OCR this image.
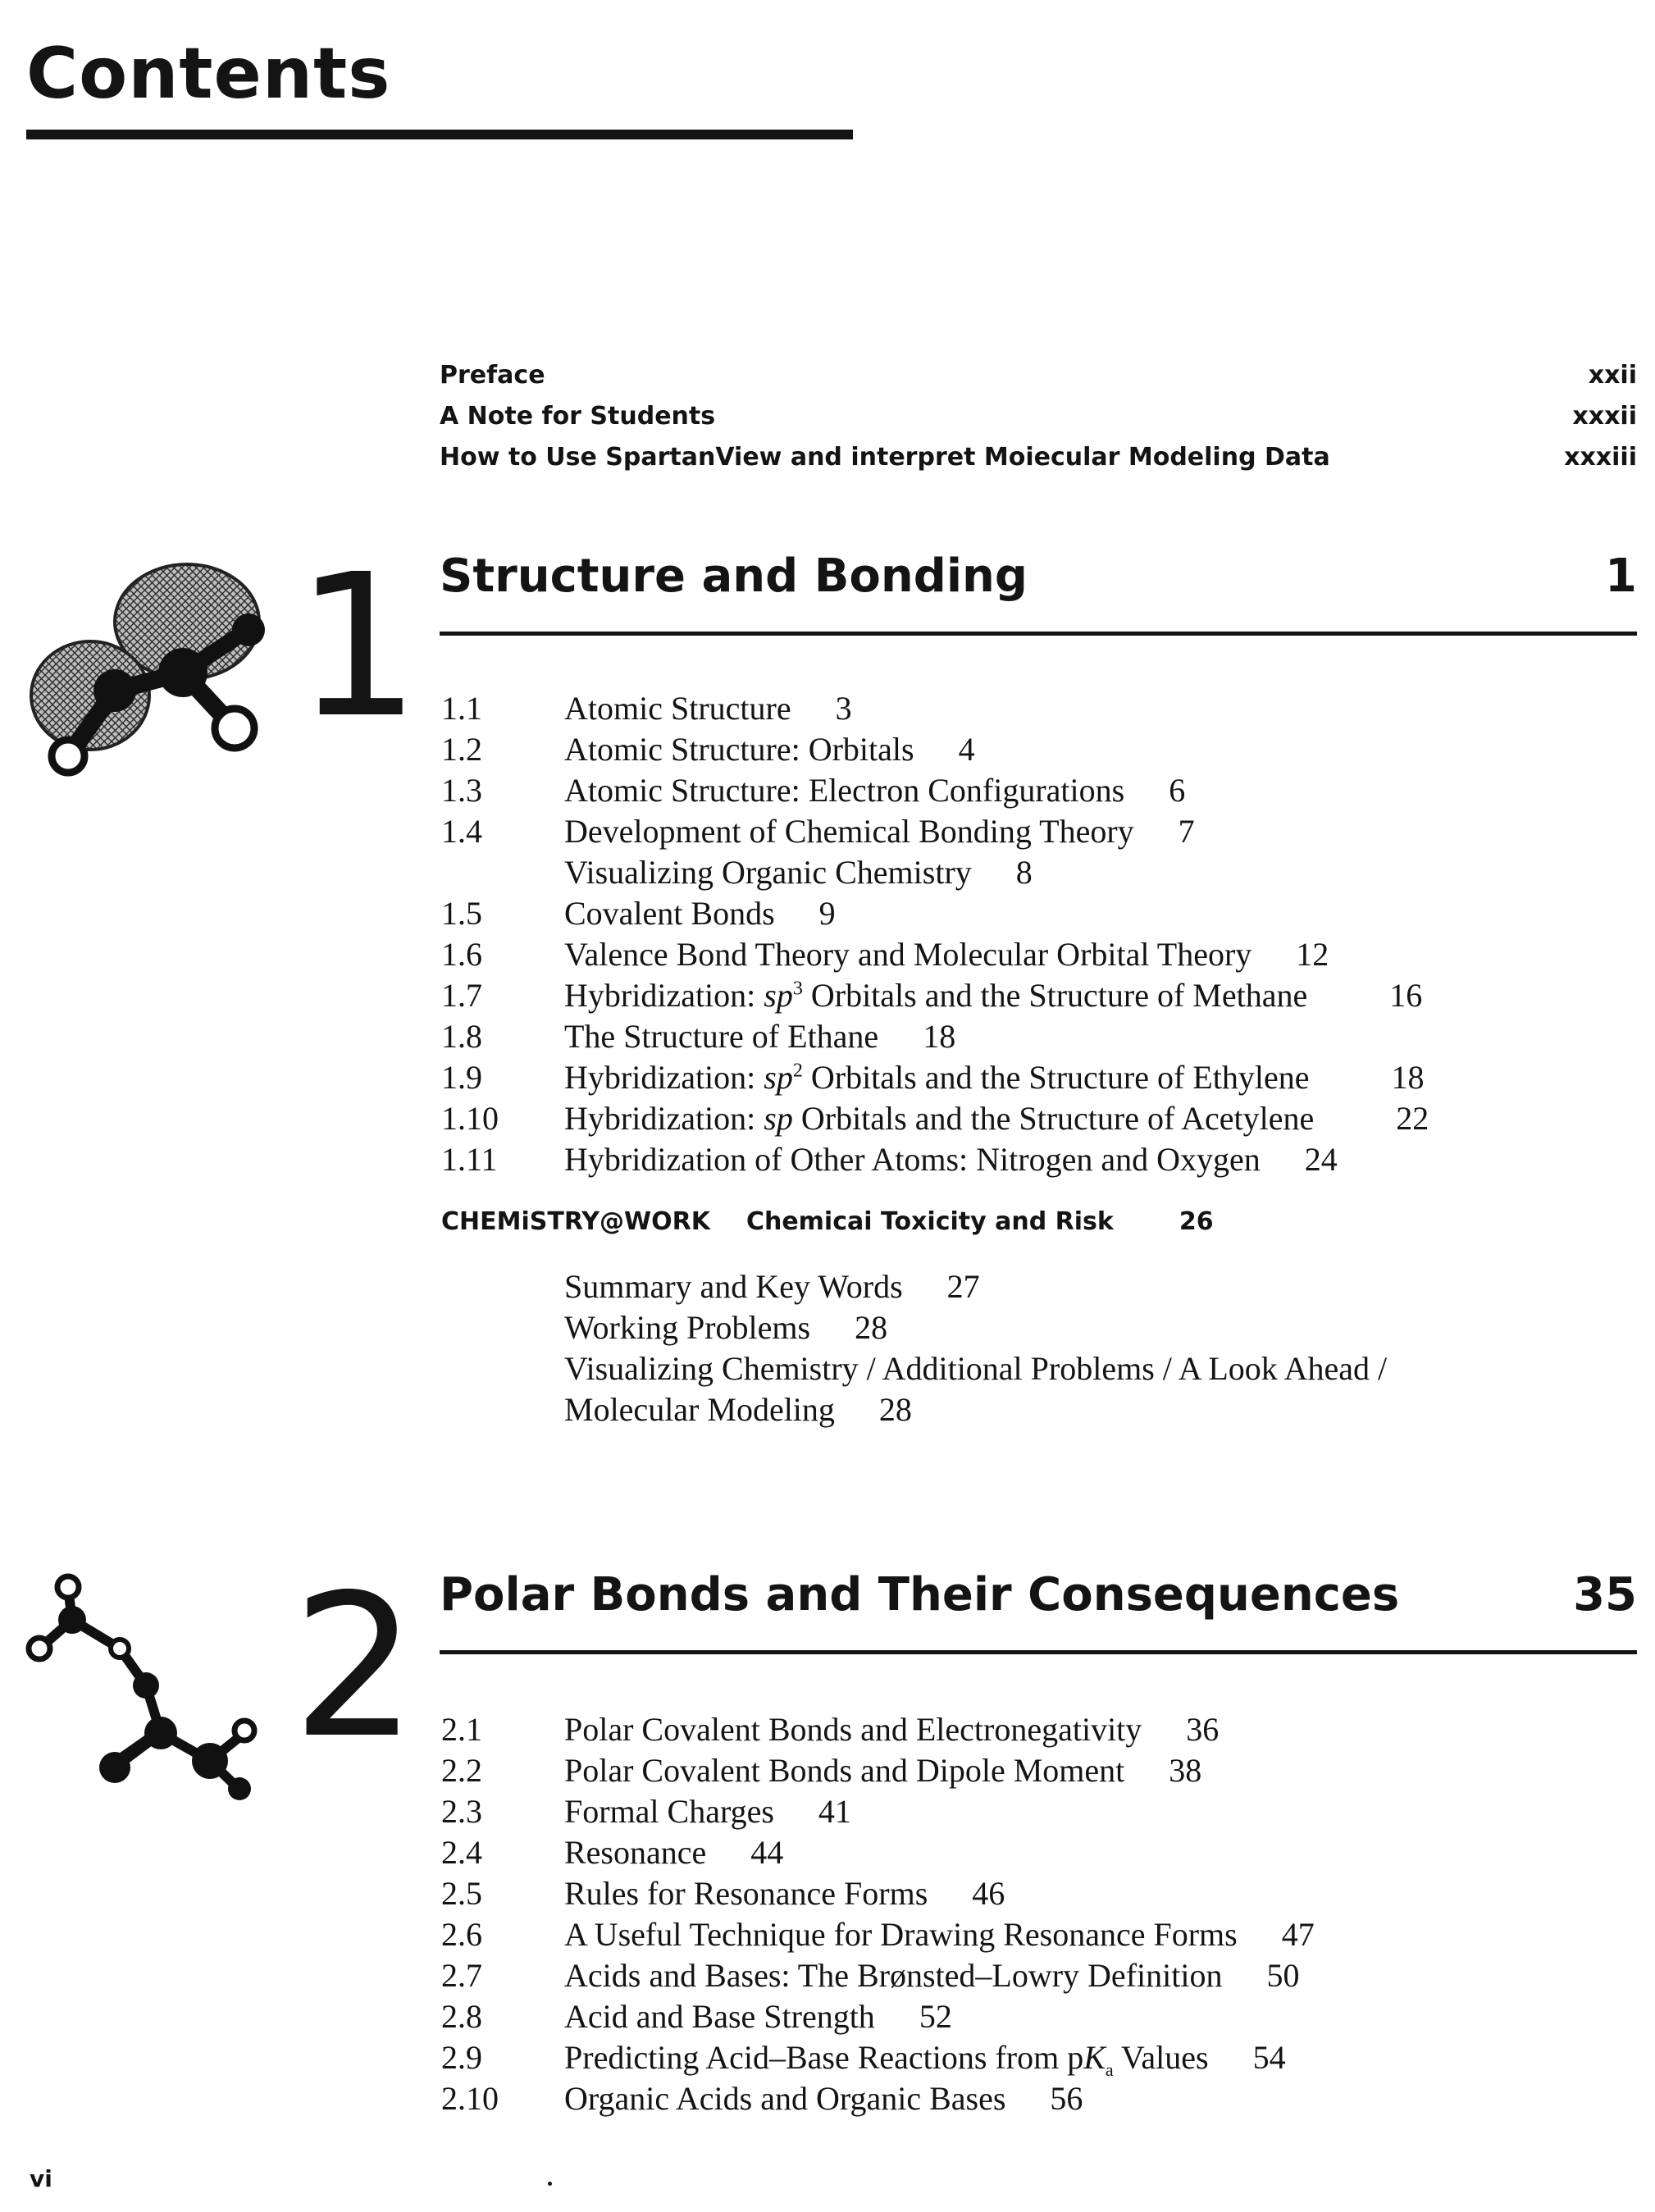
Contents
Preface	xxii
A Note for Students	xxxii
How to Use SpartanView and interpret Moiecular Modeling Data	xxxiii
1 Structure and Bonding	1
1.1	Atomic Structure 3
1.2	Atomic Structure: Orbitals 4
1.3	Atomic Structure: Electron Configurations 6
1.4	Development of Chemical Bonding Theory 7
Visualizing Organic Chemistry 8
1.5	Covalent Bonds 9
1.6	Valence Bond Theory and Molecular Orbital Theory 12
1.7	Hybridization: $sp^3$ Orbitals and the Structure of Methane	16
1.8	The Structure of Ethane 18
1.9	Hybridization: $sp^2$ Orbitals and the Structure of Ethylene	18
1.10	Hybridization: sp Orbitals and the Structure of Acetylene	22
1.11	Hybridization of Other Atoms: Nitrogen and Oxygen 24
CHEMiSTRY@WORK Chemicai Toxicity and Risk	26
Summary and Key Words 27
Working Problems 28
Visualizing Chemistry / Additional Problems / A Look Ahead /
Molecular Modeling 28
2 Polar Bonds and Their Consequences	35
2.1	Polar Covalent Bonds and Electronegativity 36
2.2	Polar Covalent Bonds and Dipole Moment 38
2.3	Formal Charges 41
2.4	Resonance 44
2.5	Rules for Resonance Forms 46
2.6	A Useful Technique for Drawing Resonance Forms 47
2.7	Acids and Bases: The Brønsted–Lowry Definition 50
2.8	Acid and Base Strength 52
2.9	Predicting Acid–Base Reactions from $pK_a$ Values 54
2.10	Organic Acids and Organic Bases 56
vi
